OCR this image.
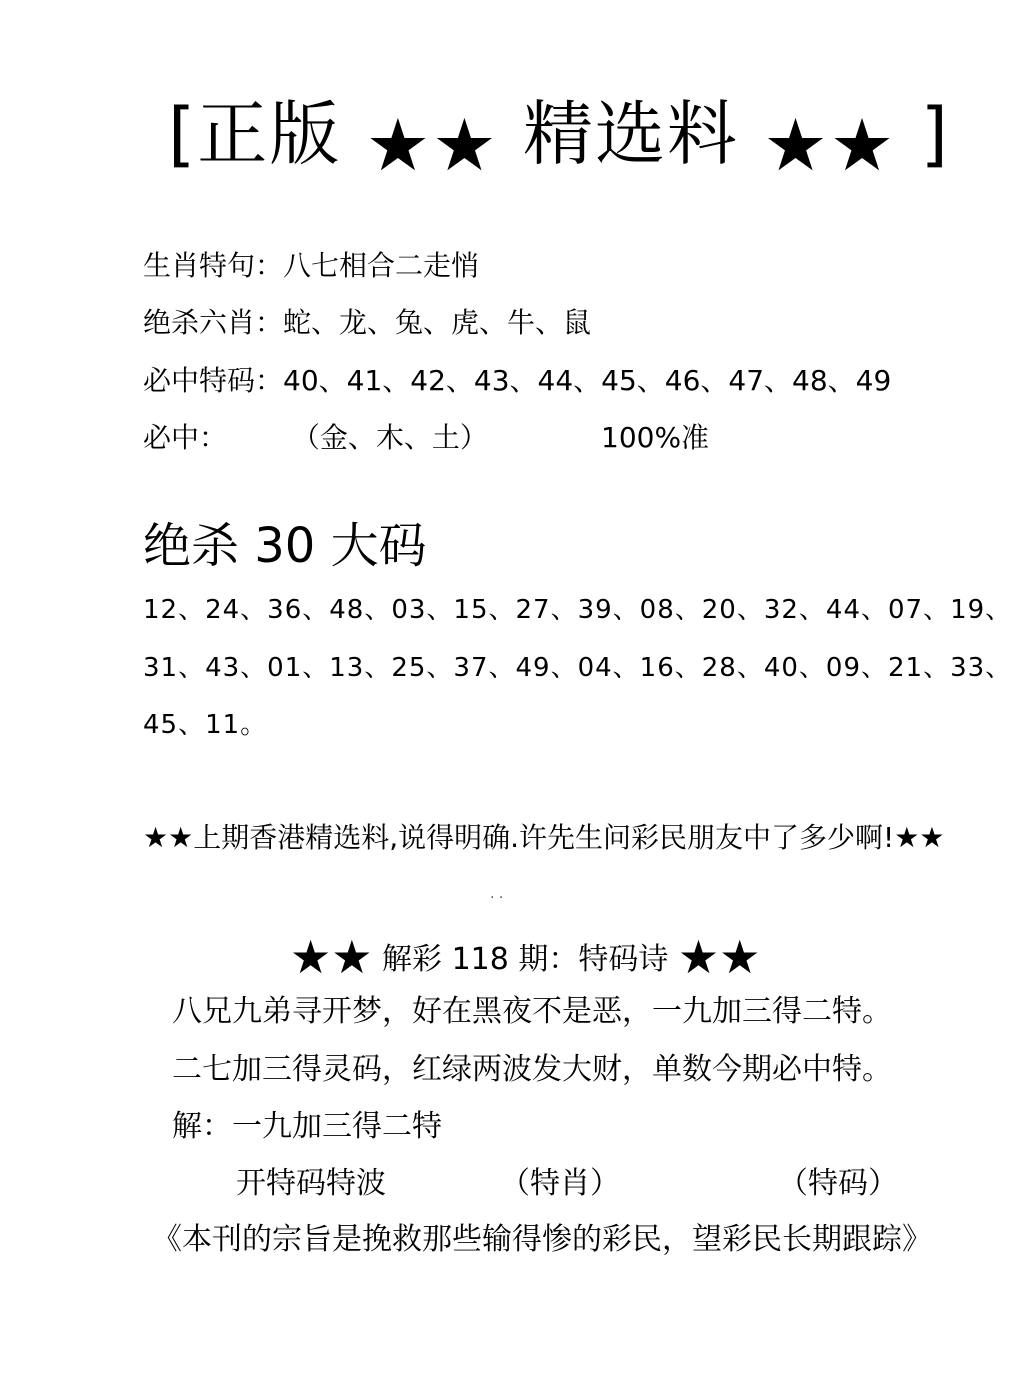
[正版 ★★ 精选料 ★★ ]
生肖特句：八七相合二走悄
绝杀六肖：蛇、龙、兔、虎、牛、鼠
必中特码：40、41、42、43、44、45、46、47、48、49
必中： （金、木、土）	100%准
绝杀 30 大码
12、24、36、48、03、15、27、39、08、20、32、44、07、19、
31、43、01、13、25、37、49、04、16、28、40、09、21、33、
45、11。
★★上期香港精选料,说得明确.许先生问彩民朋友中了多少啊!★★
· ·
★★ 解彩 118 期：特码诗 ★★
八兄九弟寻开梦，好在黑夜不是恶，一九加三得二特。
二七加三得灵码，红绿两波发大财，单数今期必中特。
解：一九加三得二特
开特码特波	（特肖）	（特码）
《本刊的宗旨是挽救那些输得惨的彩民，望彩民长期跟踪》
